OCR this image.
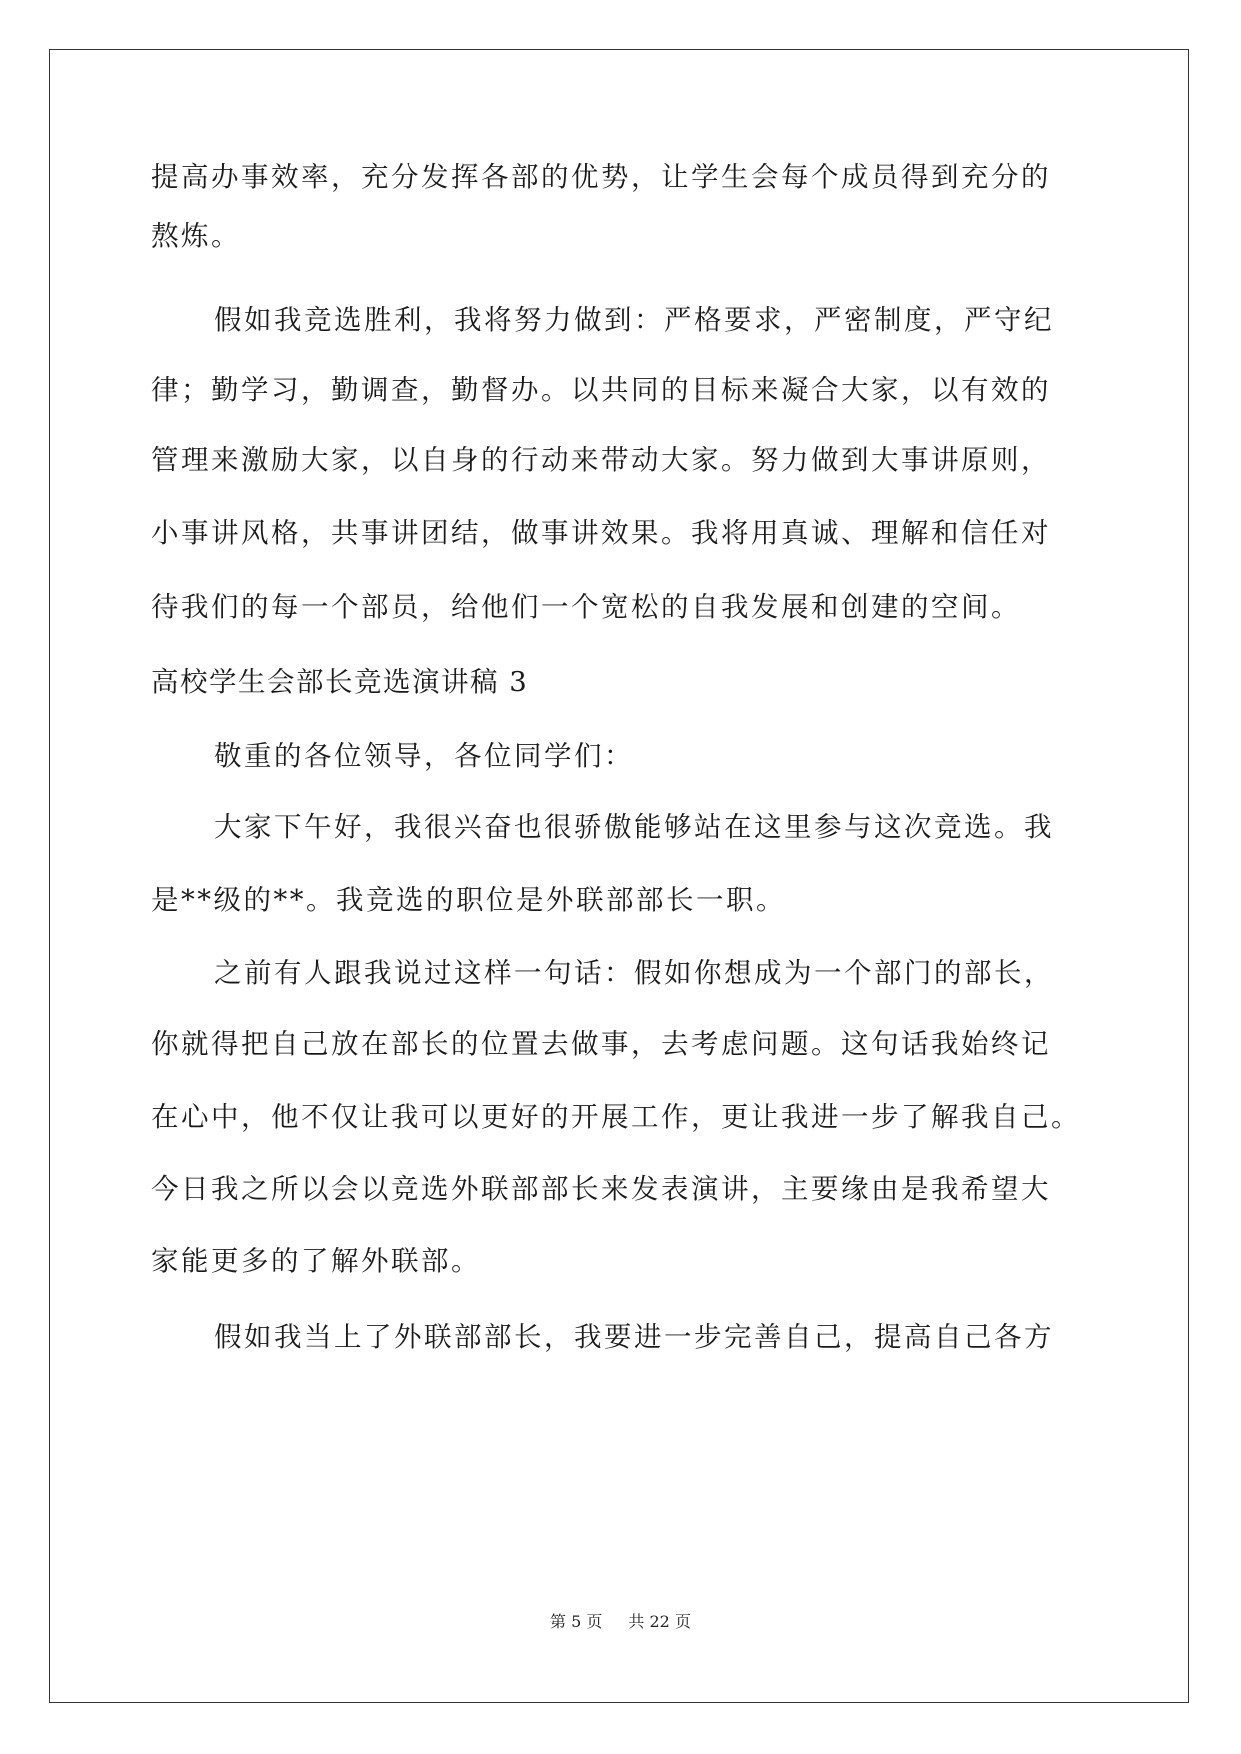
提高办事效率，充分发挥各部的优势，让学生会每个成员得到充分的
熬炼。
假如我竞选胜利，我将努力做到：严格要求，严密制度，严守纪
律；勤学习，勤调查，勤督办。以共同的目标来凝合大家，以有效的
管理来激励大家，以自身的行动来带动大家。努力做到大事讲原则，
小事讲风格，共事讲团结，做事讲效果。我将用真诚、理解和信任对
待我们的每一个部员，给他们一个宽松的自我发展和创建的空间。
高校学生会部长竞选演讲稿 3
敬重的各位领导，各位同学们：
大家下午好，我很兴奋也很骄傲能够站在这里参与这次竞选。我
是**级的**。我竞选的职位是外联部部长一职。
之前有人跟我说过这样一句话：假如你想成为一个部门的部长，
你就得把自己放在部长的位置去做事，去考虑问题。这句话我始终记
在心中，他不仅让我可以更好的开展工作，更让我进一步了解我自己。
今日我之所以会以竞选外联部部长来发表演讲，主要缘由是我希望大
家能更多的了解外联部。
假如我当上了外联部部长，我要进一步完善自己，提高自己各方
第 5 页 共 22 页
